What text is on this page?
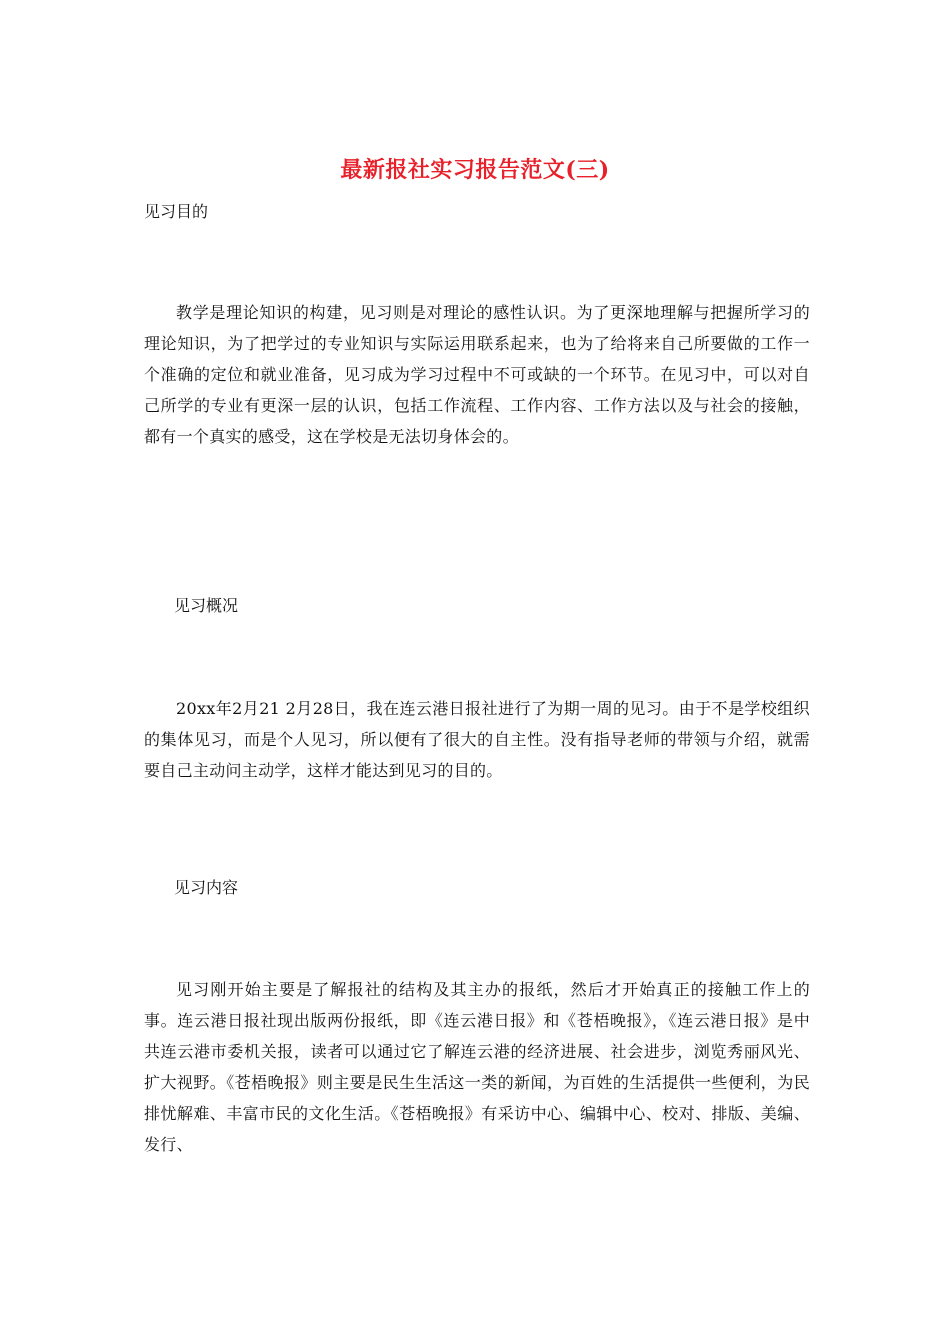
最新报社实习报告范文(三)
见习目的

教学是理论知识的构建，见习则是对理论的感性认识。为了更深地理解与把握所学习的理论知识，为了把学过的专业知识与实际运用联系起来，也为了给将来自己所要做的工作一个准确的定位和就业准备，见习成为学习过程中不可或缺的一个环节。在见习中，可以对自己所学的专业有更深一层的认识，包括工作流程、工作内容、工作方法以及与社会的接触，都有一个真实的感受，这在学校是无法切身体会的。

见习概况

20xx年2月21 2月28日，我在连云港日报社进行了为期一周的见习。由于不是学校组织的集体见习，而是个人见习，所以便有了很大的自主性。没有指导老师的带领与介绍，就需要自己主动问主动学，这样才能达到见习的目的。

见习内容

见习刚开始主要是了解报社的结构及其主办的报纸，然后才开始真正的接触工作上的事。连云港日报社现出版两份报纸，即《连云港日报》和《苍梧晚报》，《连云港日报》是中共连云港市委机关报，读者可以通过它了解连云港的经济进展、社会进步，浏览秀丽风光、扩大视野。《苍梧晚报》则主要是民生生活这一类的新闻，为百姓的生活提供一些便利，为民排忧解难、丰富市民的文化生活。《苍梧晚报》有采访中心、编辑中心、校对、排版、美编、发行、
